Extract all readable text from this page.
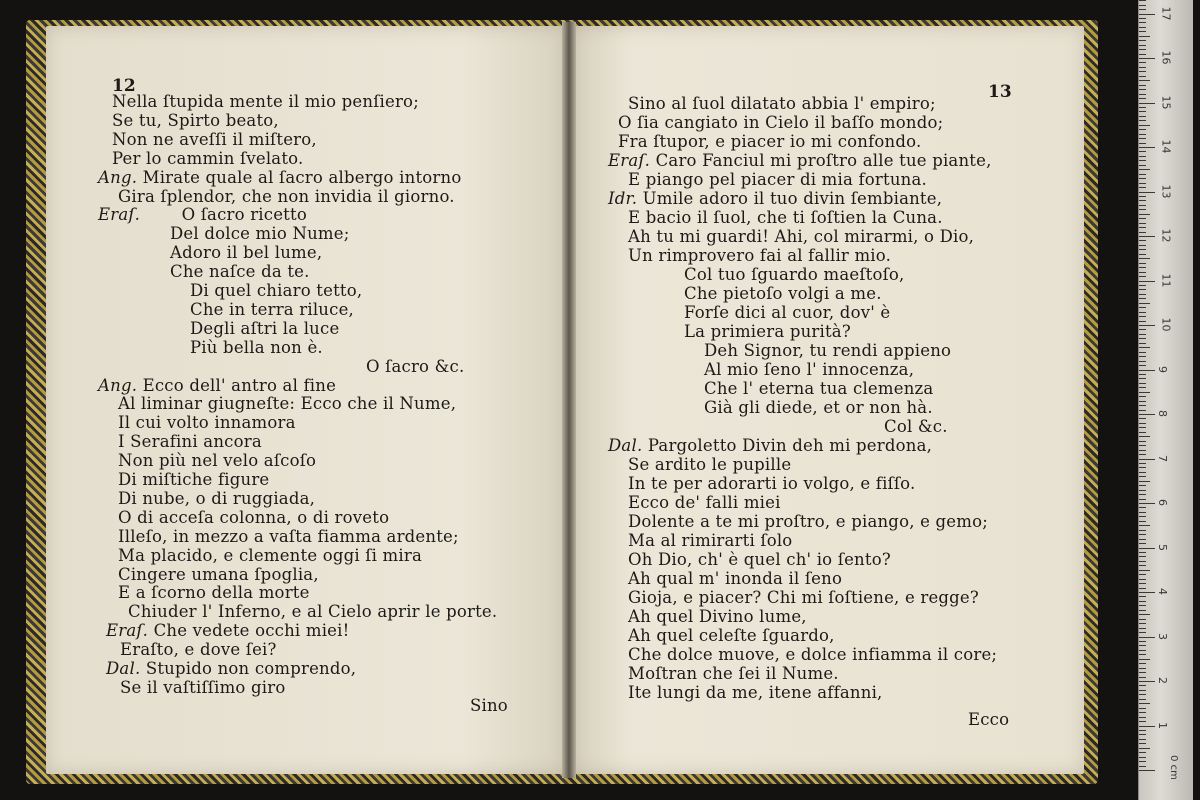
12
Nella ſtupida mente il mio penſiero;
Se tu, Spirto beato,
Non ne aveſſi il miſtero,
Per lo cammin ſvelato.
Ang. Mirate quale al ſacro albergo intorno
Gira ſplendor, che non invidia il giorno.
Eraſ.	O ſacro ricetto
Del dolce mio Nume;
Adoro il bel lume,
Che naſce da te.
Di quel chiaro tetto,
Che in terra riluce,
Degli aſtri la luce
Più bella non è.
O ſacro &c.
Ang. Ecco dell' antro al fine
Al liminar giugneſte: Ecco che il Nume,
Il cui volto innamora
I Serafini ancora
Non più nel velo aſcoſo
Di miſtiche figure
Di nube, o di ruggiada,
O di acceſa colonna, o di roveto
Illeſo, in mezzo a vaſta fiamma ardente;
Ma placido, e clemente oggi ſi mira
Cingere umana ſpoglia,
E a ſcorno della morte
Chiuder l' Inferno, e al Cielo aprir le porte.
Eraſ. Che vedete occhi miei!
Eraſto, e dove ſei?
Dal. Stupido non comprendo,
Se il vaſtiſſimo giro
Sino
13
Sino al ſuol dilatato abbia l' empiro;
O ſia cangiato in Cielo il baſſo mondo;
Fra ſtupor, e piacer io mi confondo.
Eraſ. Caro Fanciul mi proſtro alle tue piante,
E piango pel piacer di mia fortuna.
Idr. Umile adoro il tuo divin ſembiante,
E bacio il ſuol, che ti ſoſtien la Cuna.
Ah tu mi guardi! Ahi, col mirarmi, o Dio,
Un rimprovero fai al fallir mio.
Col tuo ſguardo maeſtoſo,
Che pietoſo volgi a me.
Forſe dici al cuor, dov' è
La primiera purità?
Deh Signor, tu rendi appieno
Al mio ſeno l' innocenza,
Che l' eterna tua clemenza
Già gli diede, et or non hà.
Col &c.
Dal. Pargoletto Divin deh mi perdona,
Se ardito le pupille
In te per adorarti io volgo, e fiſſo.
Ecco de' falli miei
Dolente a te mi proſtro, e piango, e gemo;
Ma al rimirarti ſolo
Oh Dio, ch' è quel ch' io ſento?
Ah qual m' inonda il ſeno
Gioja, e piacer? Chi mi ſoſtiene, e regge?
Ah quel Divino lume,
Ah quel celeſte ſguardo,
Che dolce muove, e dolce infiamma il core;
Moſtran che ſei il Nume.
Ite lungi da me, itene affanni,
Ecco
0 cm
1
2
3
4
5
6
7
8
9
10
11
12
13
14
15
16
17
